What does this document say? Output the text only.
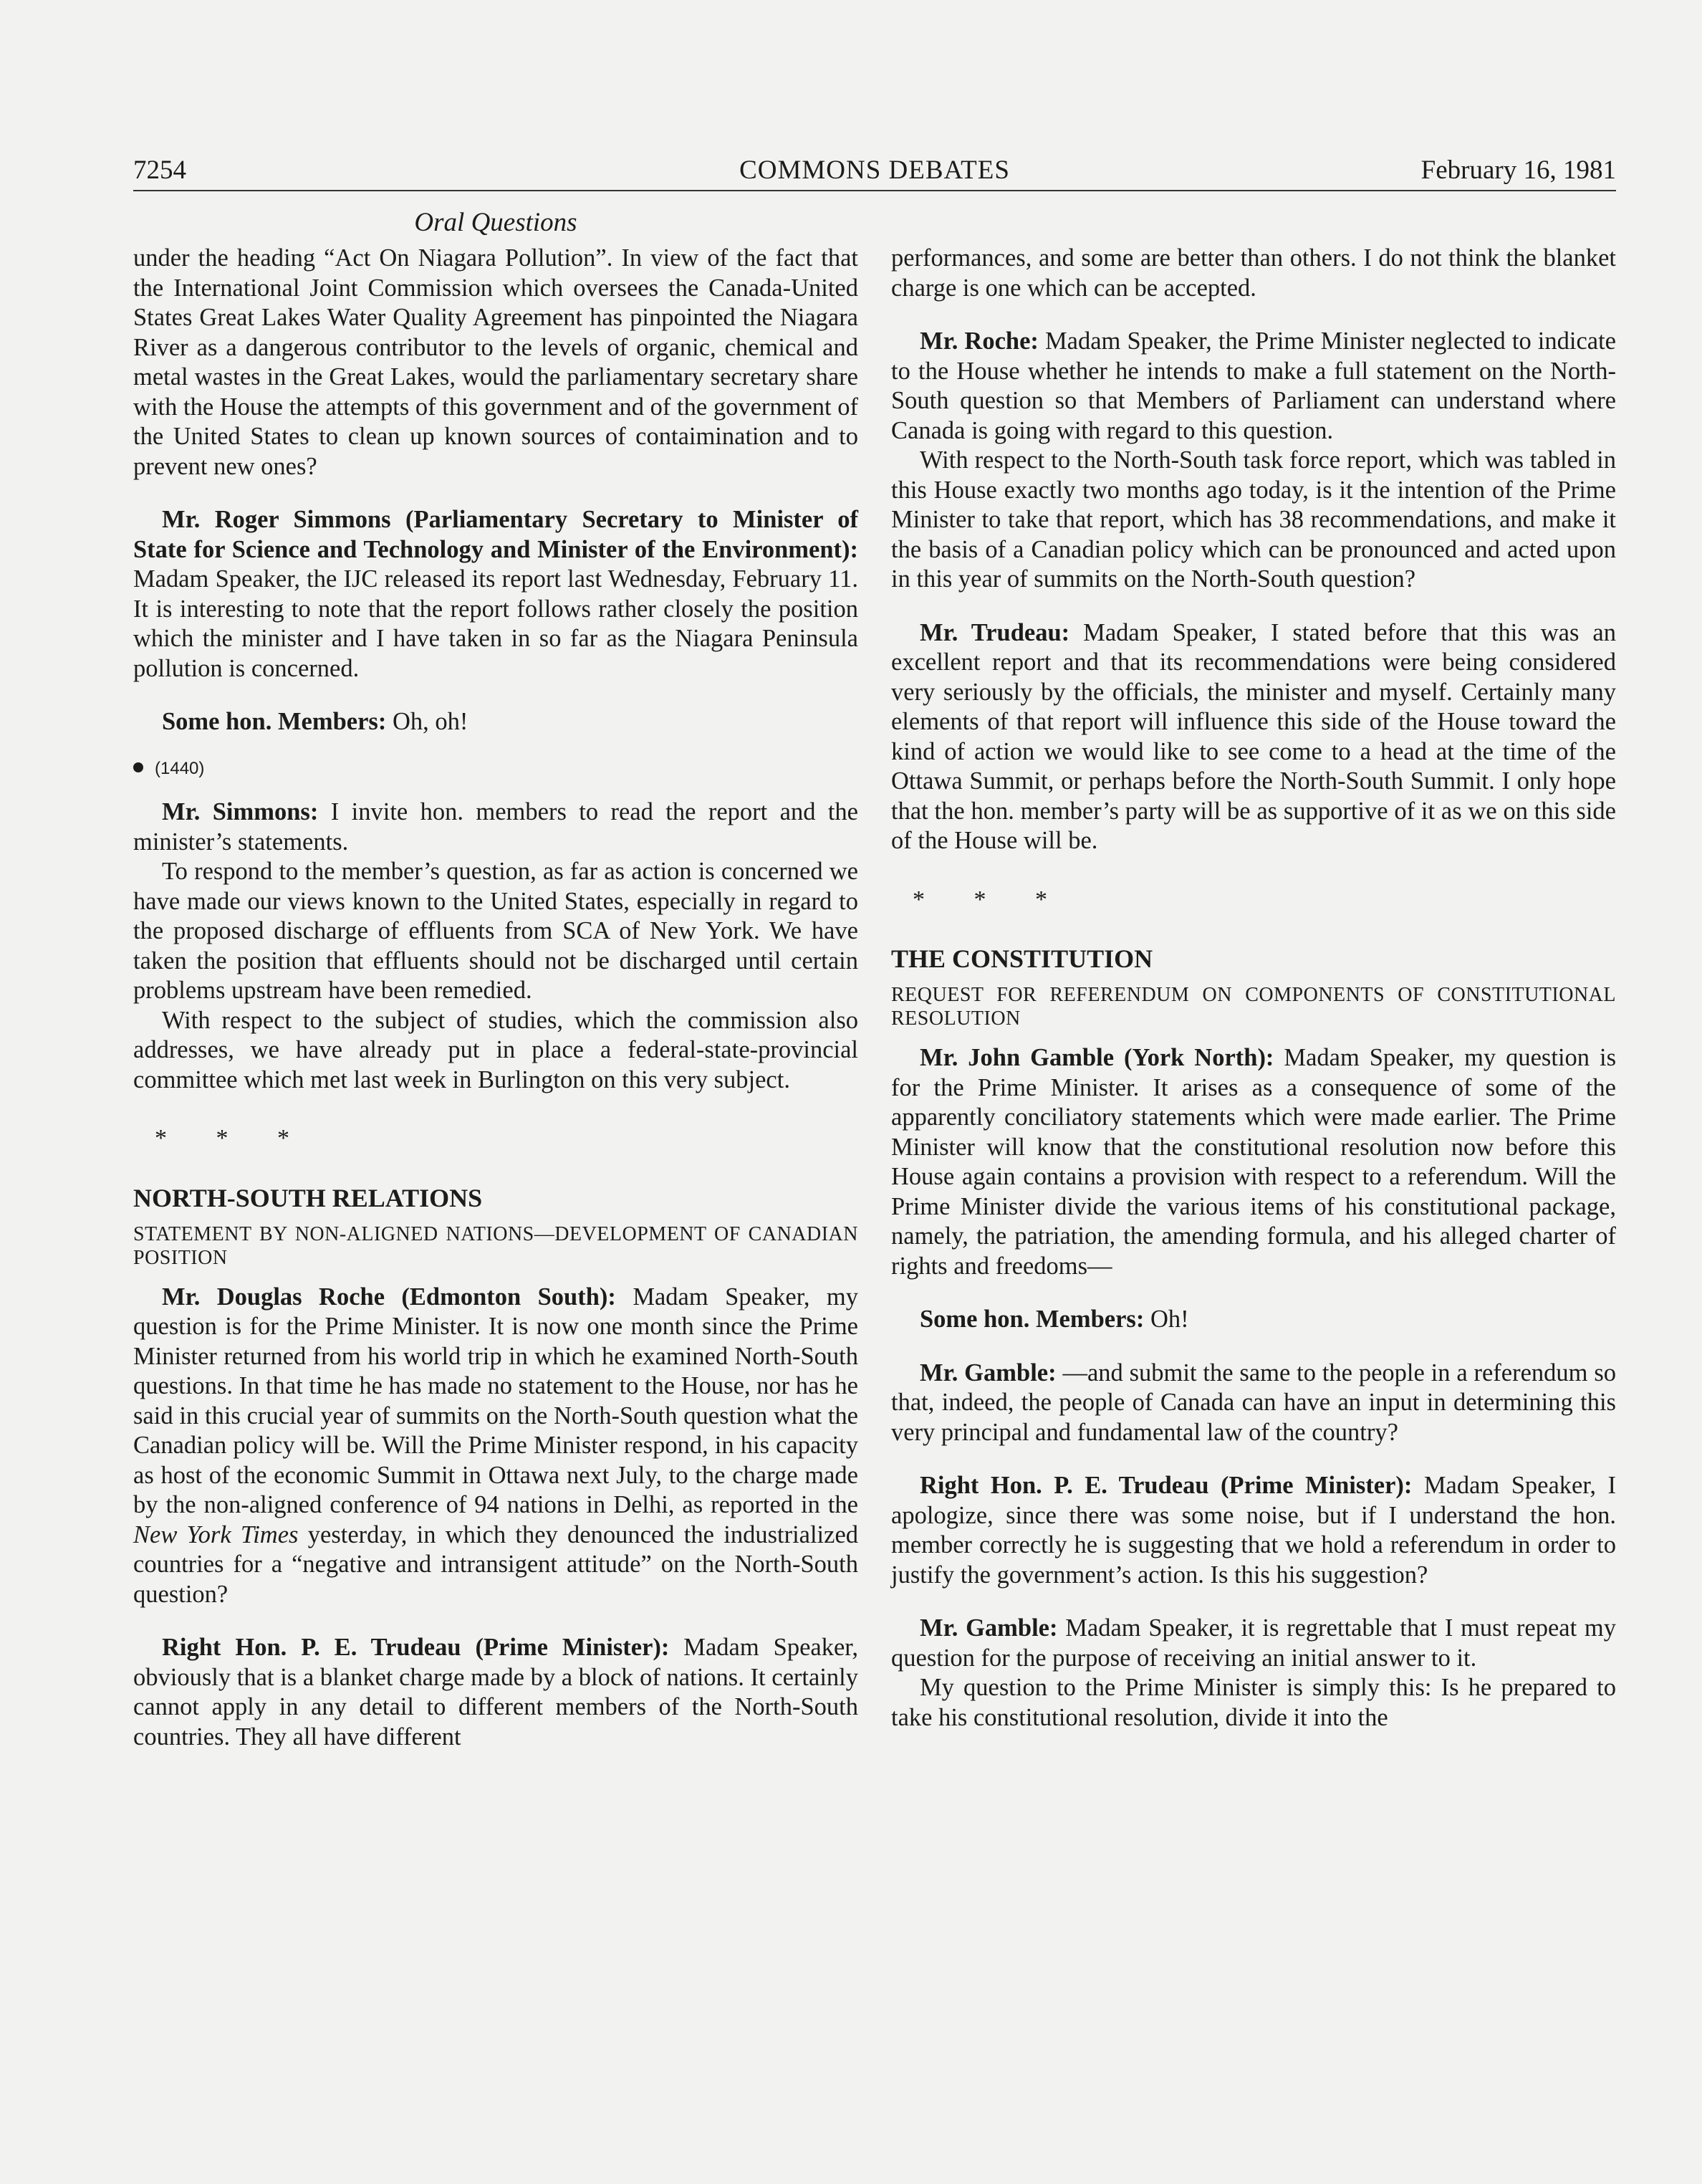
7254	COMMONS DEBATES	February 16, 1981
Oral Questions

under the heading “Act On Niagara Pollution”. In view of the fact that the International Joint Commission which oversees the Canada-United States Great Lakes Water Quality Agreement has pinpointed the Niagara River as a dangerous contributor to the levels of organic, chemical and metal wastes in the Great Lakes, would the parliamentary secretary share with the House the attempts of this government and of the government of the United States to clean up known sources of contaimination and to prevent new ones?

Mr. Roger Simmons (Parliamentary Secretary to Minister of State for Science and Technology and Minister of the Environment): Madam Speaker, the IJC released its report last Wednesday, February 11. It is interesting to note that the report follows rather closely the position which the minister and I have taken in so far as the Niagara Peninsula pollution is concerned.

Some hon. Members: Oh, oh!

(1440)

Mr. Simmons: I invite hon. members to read the report and the minister’s statements.

To respond to the member’s question, as far as action is concerned we have made our views known to the United States, especially in regard to the proposed discharge of effluents from SCA of New York. We have taken the position that effluents should not be discharged until certain problems upstream have been remedied.

With respect to the subject of studies, which the commission also addresses, we have already put in place a federal-state-provincial committee which met last week in Burlington on this very subject.

* * *

NORTH-SOUTH RELATIONS

STATEMENT BY NON-ALIGNED NATIONS—DEVELOPMENT OF CANADIAN POSITION

Mr. Douglas Roche (Edmonton South): Madam Speaker, my question is for the Prime Minister. It is now one month since the Prime Minister returned from his world trip in which he examined North-South questions. In that time he has made no statement to the House, nor has he said in this crucial year of summits on the North-South question what the Canadian policy will be. Will the Prime Minister respond, in his capacity as host of the economic Summit in Ottawa next July, to the charge made by the non-aligned conference of 94 nations in Delhi, as reported in the New York Times yesterday, in which they denounced the industrialized countries for a “negative and intransigent attitude” on the North-South question?

Right Hon. P. E. Trudeau (Prime Minister): Madam Speaker, obviously that is a blanket charge made by a block of nations. It certainly cannot apply in any detail to different members of the North-South countries. They all have different

performances, and some are better than others. I do not think the blanket charge is one which can be accepted.

Mr. Roche: Madam Speaker, the Prime Minister neglected to indicate to the House whether he intends to make a full statement on the North-South question so that Members of Parliament can understand where Canada is going with regard to this question.

With respect to the North-South task force report, which was tabled in this House exactly two months ago today, is it the intention of the Prime Minister to take that report, which has 38 recommendations, and make it the basis of a Canadian policy which can be pronounced and acted upon in this year of summits on the North-South question?

Mr. Trudeau: Madam Speaker, I stated before that this was an excellent report and that its recommendations were being considered very seriously by the officials, the minister and myself. Certainly many elements of that report will influence this side of the House toward the kind of action we would like to see come to a head at the time of the Ottawa Summit, or perhaps before the North-South Summit. I only hope that the hon. member’s party will be as supportive of it as we on this side of the House will be.

* * *

THE CONSTITUTION

REQUEST FOR REFERENDUM ON COMPONENTS OF CONSTITUTIONAL RESOLUTION

Mr. John Gamble (York North): Madam Speaker, my question is for the Prime Minister. It arises as a consequence of some of the apparently conciliatory statements which were made earlier. The Prime Minister will know that the constitutional resolution now before this House again contains a provision with respect to a referendum. Will the Prime Minister divide the various items of his constitutional package, namely, the patriation, the amending formula, and his alleged charter of rights and freedoms—

Some hon. Members: Oh!

Mr. Gamble: —and submit the same to the people in a referendum so that, indeed, the people of Canada can have an input in determining this very principal and fundamental law of the country?

Right Hon. P. E. Trudeau (Prime Minister): Madam Speaker, I apologize, since there was some noise, but if I understand the hon. member correctly he is suggesting that we hold a referendum in order to justify the government’s action. Is this his suggestion?

Mr. Gamble: Madam Speaker, it is regrettable that I must repeat my question for the purpose of receiving an initial answer to it.

My question to the Prime Minister is simply this: Is he prepared to take his constitutional resolution, divide it into the
